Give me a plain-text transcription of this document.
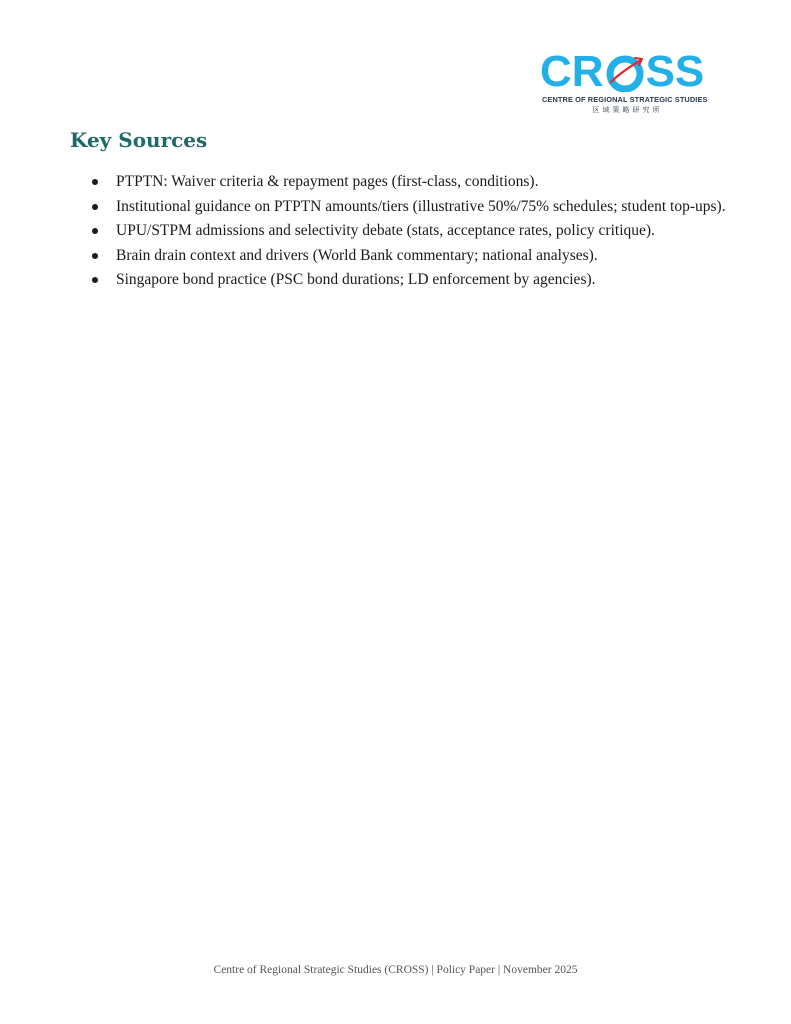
CR SS
CENTRE OF REGIONAL STRATEGIC STUDIES
区域策略研究所
Key Sources
PTPTN: Waiver criteria & repayment pages (first-class, conditions).
Institutional guidance on PTPTN amounts/tiers (illustrative 50%/75% schedules; student top-ups).
UPU/STPM admissions and selectivity debate (stats, acceptance rates, policy critique).
Brain drain context and drivers (World Bank commentary; national analyses).
Singapore bond practice (PSC bond durations; LD enforcement by agencies).
Centre of Regional Strategic Studies (CROSS) | Policy Paper | November 2025
